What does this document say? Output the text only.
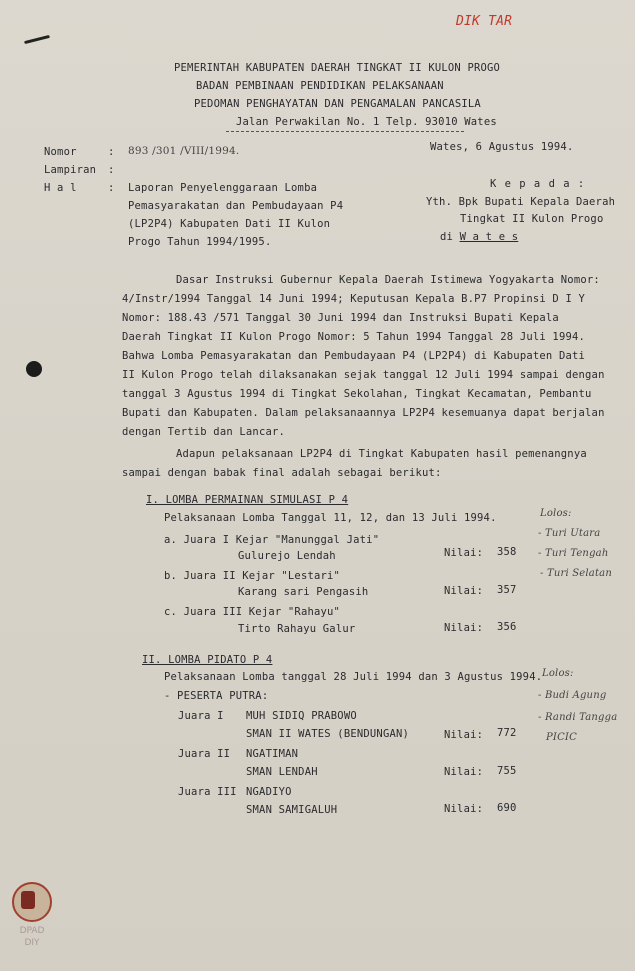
DIK TAR
PEMERINTAH KABUPATEN DAERAH TINGKAT II KULON PROGO
BADAN PEMBINAAN PENDIDIKAN PELAKSANAAN
PEDOMAN PENGHAYATAN DAN PENGAMALAN PANCASILA
Jalan Perwakilan No. 1 Telp. 93010 Wates
Nomor	: 893 /301 /VIII/1994.	Wates, 6 Agustus 1994.
Lampiran :
H a l	: Laporan Penyelenggaraan Lomba
Pemasyarakatan dan Pembudayaan P4
(LP2P4) Kabupaten Dati II Kulon
Progo Tahun 1994/1995.
K e p a d a :
Yth. Bpk Bupati Kepala Daerah
Tingkat II Kulon Progo
di W a t e s
Dasar Instruksi Gubernur Kepala Daerah Istimewa Yogyakarta Nomor:
4/Instr/1994 Tanggal 14 Juni 1994; Keputusan Kepala B.P7 Propinsi D I Y
Nomor: 188.43 /571 Tanggal 30 Juni 1994 dan Instruksi Bupati Kepala
Daerah Tingkat II Kulon Progo Nomor: 5 Tahun 1994 Tanggal 28 Juli 1994.
Bahwa Lomba Pemasyarakatan dan Pembudayaan P4 (LP2P4) di Kabupaten Dati
II Kulon Progo telah dilaksanakan sejak tanggal 12 Juli 1994 sampai dengan
tanggal 3 Agustus 1994 di Tingkat Sekolahan, Tingkat Kecamatan, Pembantu
Bupati dan Kabupaten. Dalam pelaksanaannya LP2P4 kesemuanya dapat berjalan
dengan Tertib dan Lancar.
Adapun pelaksanaan LP2P4 di Tingkat Kabupaten hasil pemenangnya
sampai dengan babak final adalah sebagai berikut:
I. LOMBA PERMAINAN SIMULASI P 4
Pelaksanaan Lomba Tanggal 11, 12, dan 13 Juli 1994.
a. Juara I Kejar "Manunggal Jati"
Gulurejo Lendah	Nilai: 358
b. Juara II Kejar "Lestari"
Karang sari Pengasih	Nilai: 357
c. Juara III Kejar "Rahayu"
Tirto Rahayu Galur	Nilai: 356
Lolos:
- Turi Utara
- Turi Tengah
- Turi Selatan
II. LOMBA PIDATO P 4
Pelaksanaan Lomba tanggal 28 Juli 1994 dan 3 Agustus 1994.
- PESERTA PUTRA:
Juara I MUH SIDIQ PRABOWO
SMAN II WATES (BENDUNGAN)	Nilai: 772
Juara II NGATIMAN
SMAN LENDAH	Nilai: 755
Juara III NGADIYO
SMAN SAMIGALUH	Nilai: 690
Lolos:
- Budi Agung
- Randi Tangga
PICIC
DPAD
DIY
